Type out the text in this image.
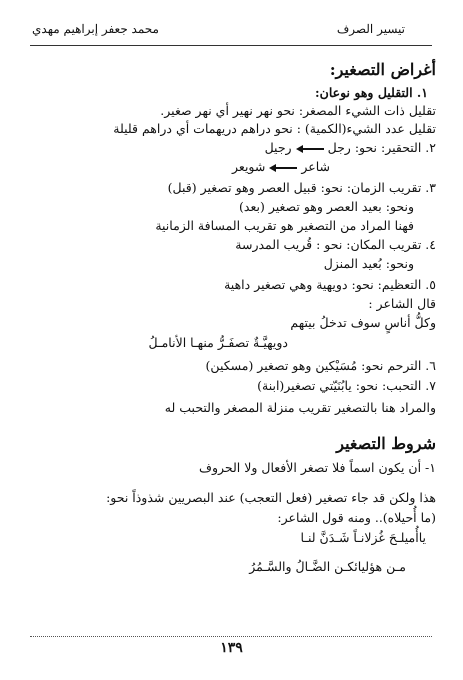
تيسير الصرف
محمد جعفر إبراهيم مهدي
أغراض التصغير:
١. التقليل وهو نوعان:
تقليل ذات الشيء المصغر: نحو نهر نهير أي نهر صغير.
تقليل عدد الشيء(الكمية) : نحو دراهم دريهمات أي دراهم قليلة
٢. التحقير: نحو: رجلرجيل
شاعرشويعر
٣. تقريب الزمان: نحو: قبيل العصر وهو تصغير (قبل)
ونحو: بعيد العصر وهو تصغير (بعد)
فهنا المراد من التصغير هو تقريب المسافة الزمانية
٤. تقريب المكان: نحو : قُريب المدرسة
ونحو: بُعيد المنزل
٥. التعظيم: نحو: دويهية وهي تصغير داهية
قال الشاعر :
وكلُّ أناسٍ سوف تدخلُ بيتهم
دويهيَّـةٌ تصفَـرُّ منهـا الأنامـلُ
٦. الترحم نحو: مُسَيْكين وهو تصغير (مسكين)
٧. التحبب: نحو: يابُنَيّتي تصغير(ابنة)
والمراد هنا بالتصغير تقريب منزلة المصغر والتحبب له
شروط التصغير
١- أن يكون اسماً فلا تصغر الأفعال ولا الحروف
هذا ولكن قد جاء تصغير (فعل التعجب) عند البصريين شذوذاً نحو:
(ما أُحيلاه).. ومنه قول الشاعر:
ياأُميلـحَ غُزلانـاً شَـدَنَّ لنـا
مـن هؤليائكـن الضَّـالُ والسَّـمُرُ
١٣٩
